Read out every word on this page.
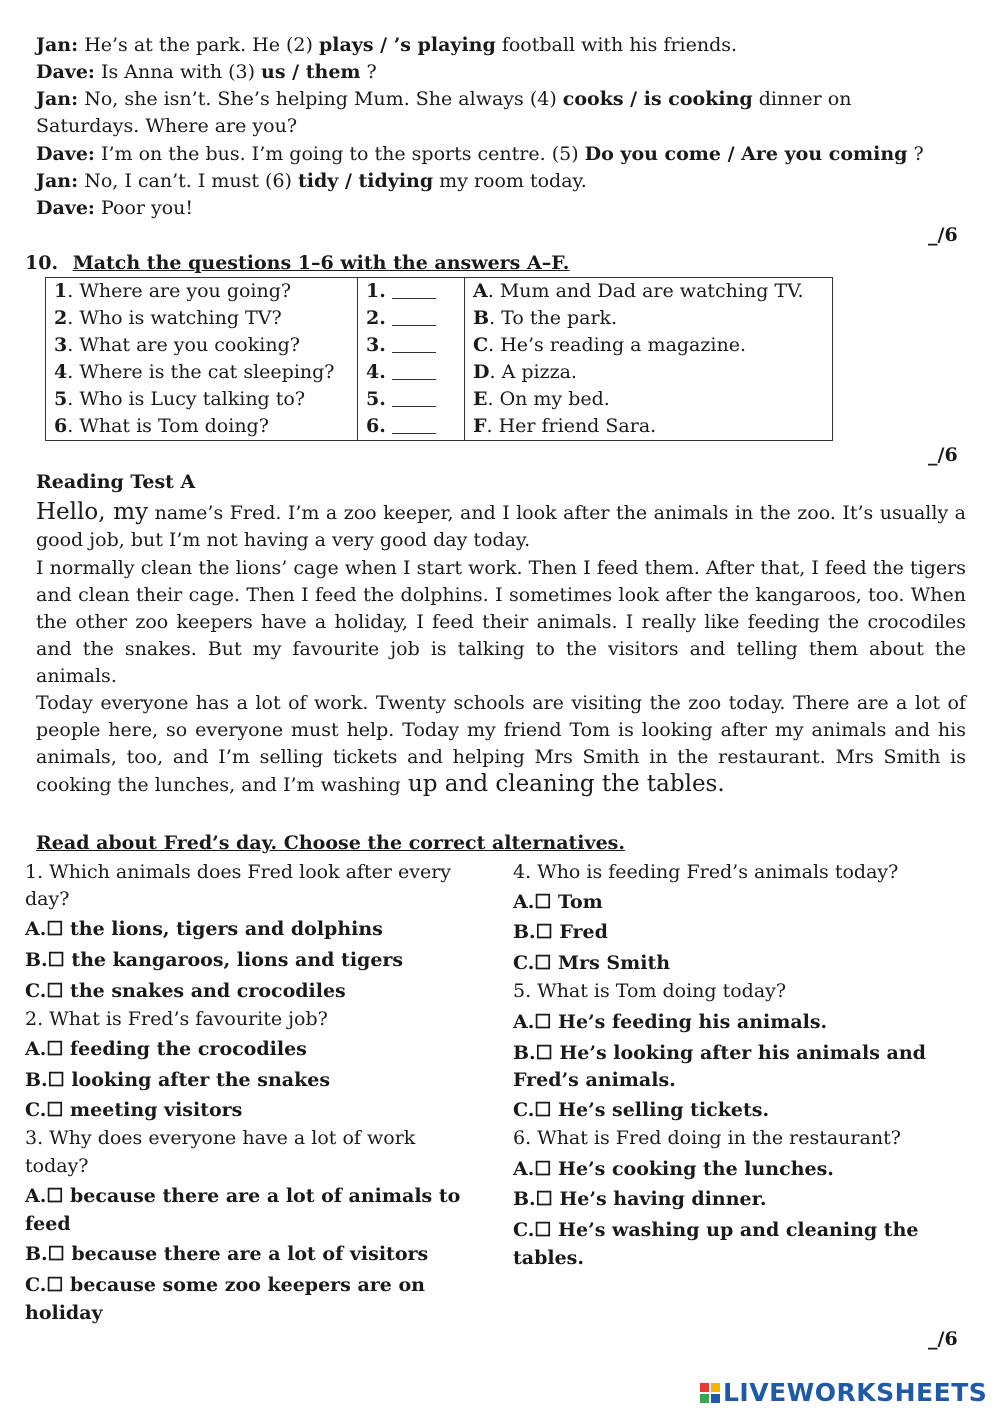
Jan: He’s at the park. He (2) plays / ’s playing football with his friends.
Dave: Is Anna with (3) us / them ?
Jan: No, she isn’t. She’s helping Mum. She always (4) cooks / is cooking dinner on
Saturdays. Where are you?
Dave: I’m on the bus. I’m going to the sports centre. (5) Do you come / Are you coming ?
Jan: No, I can’t. I must (6) tidy / tidying my room today.
Dave: Poor you!
_/6
10. Match the questions 1–6 with the answers A–F.
1. Where are you going?	1.	A. Mum and Dad are watching TV.
2. Who is watching TV?	2.	B. To the park.
3. What are you cooking?	3.	C. He’s reading a magazine.
4. Where is the cat sleeping?	4.	D. A pizza.
5. Who is Lucy talking to?	5.	E. On my bed.
6. What is Tom doing?	6.	F. Her friend Sara.
_/6
Reading Test A
Hello, my name’s Fred. I’m a zoo keeper, and I look after the animals in the zoo. It’s usually a good job, but I’m not having a very good day today.
I normally clean the lions’ cage when I start work. Then I feed them. After that, I feed the tigers and clean their cage. Then I feed the dolphins. I sometimes look after the kangaroos, too. When the other zoo keepers have a holiday, I feed their animals. I really like feeding the crocodiles and the snakes. But my favourite job is talking to the visitors and telling them about the animals.
Today everyone has a lot of work. Twenty schools are visiting the zoo today. There are a lot of people here, so everyone must help. Today my friend Tom is looking after my animals and his animals, too, and I’m selling tickets and helping Mrs Smith in the restaurant. Mrs Smith is cooking the lunches, and I’m washing up and cleaning the tables.
Read about Fred’s day. Choose the correct alternatives.
1. Which animals does Fred look after every
day?
A.☐ the lions, tigers and dolphins
B.☐ the kangaroos, lions and tigers
C.☐ the snakes and crocodiles
2. What is Fred’s favourite job?
A.☐ feeding the crocodiles
B.☐ looking after the snakes
C.☐ meeting visitors
3. Why does everyone have a lot of work
today?
A.☐ because there are a lot of animals to
feed
B.☐ because there are a lot of visitors
C.☐ because some zoo keepers are on
holiday
4. Who is feeding Fred’s animals today?
A.☐ Tom
B.☐ Fred
C.☐ Mrs Smith
5. What is Tom doing today?
A.☐ He’s feeding his animals.
B.☐ He’s looking after his animals and
Fred’s animals.
C.☐ He’s selling tickets.
6. What is Fred doing in the restaurant?
A.☐ He’s cooking the lunches.
B.☐ He’s having dinner.
C.☐ He’s washing up and cleaning the
tables.
_/6
LIVEWORKSHEETS
